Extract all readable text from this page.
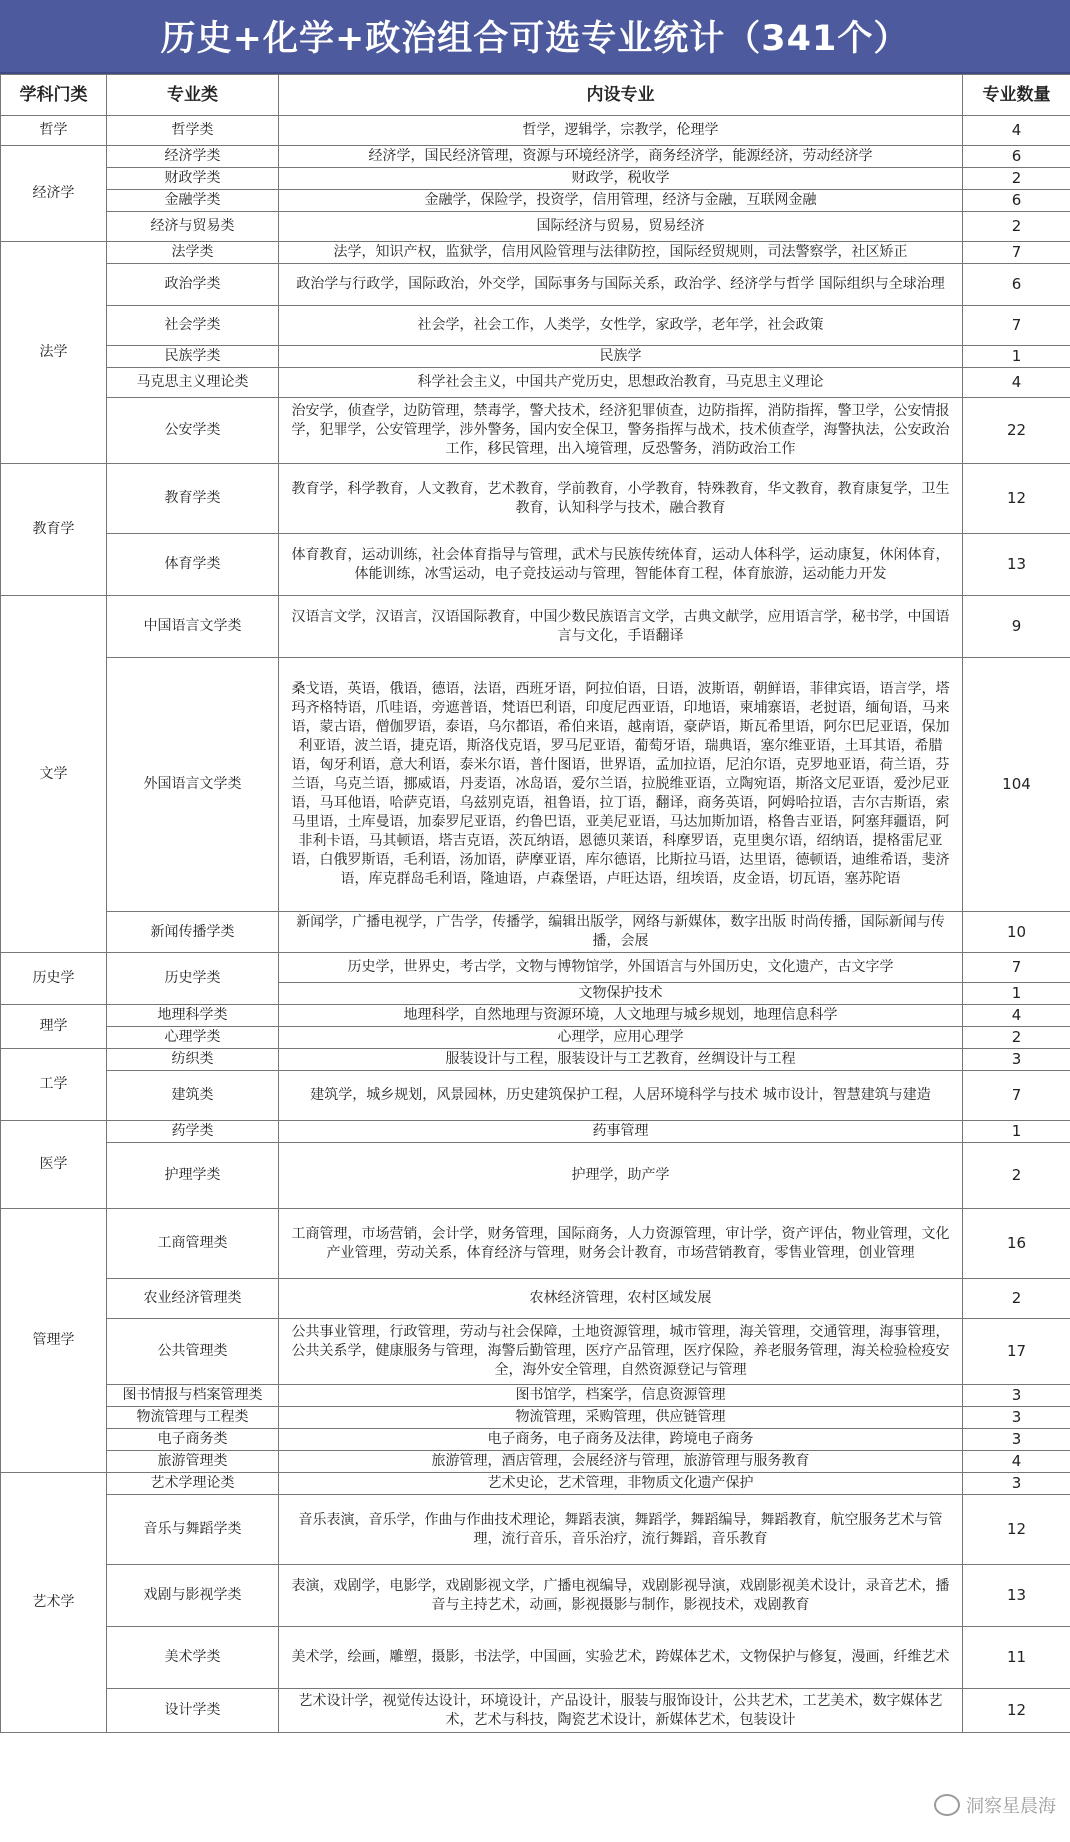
历史+化学+政治组合可选专业统计（341个）
学科门类	专业类	内设专业	专业数量
哲学	哲学类	哲学，逻辑学，宗教学，伦理学	4
经济学	经济学类	经济学，国民经济管理，资源与环境经济学，商务经济学，能源经济，劳动经济学	6
	财政学类	财政学，税收学	2
	金融学类	金融学，保险学，投资学，信用管理，经济与金融，互联网金融	6
	经济与贸易类	国际经济与贸易，贸易经济	2
法学	法学类	法学，知识产权，监狱学，信用风险管理与法律防控，国际经贸规则，司法警察学，社区矫正	7
	政治学类	政治学与行政学，国际政治，外交学，国际事务与国际关系，政治学、经济学与哲学 国际组织与全球治理	6
	社会学类	社会学，社会工作，人类学，女性学，家政学，老年学，社会政策	7
	民族学类	民族学	1
	马克思主义理论类	科学社会主义，中国共产党历史，思想政治教育，马克思主义理论	4
	公安学类	治安学，侦查学，边防管理，禁毒学，警犬技术，经济犯罪侦查，边防指挥，消防指挥，警卫学，公安情报学，犯罪学，公安管理学，涉外警务，国内安全保卫，警务指挥与战术，技术侦查学，海警执法，公安政治工作，移民管理，出入境管理，反恐警务，消防政治工作	22
教育学	教育学类	教育学，科学教育，人文教育，艺术教育，学前教育，小学教育，特殊教育，华文教育，教育康复学，卫生教育，认知科学与技术，融合教育	12
	体育学类	体育教育，运动训练，社会体育指导与管理，武术与民族传统体育，运动人体科学，运动康复，休闲体育，体能训练，冰雪运动，电子竞技运动与管理，智能体育工程，体育旅游，运动能力开发	13
文学	中国语言文学类	汉语言文学，汉语言，汉语国际教育，中国少数民族语言文学，古典文献学，应用语言学，秘书学，中国语言与文化，手语翻译	9
	外国语言文学类	桑戈语，英语，俄语，德语，法语，西班牙语，阿拉伯语，日语，波斯语，朝鲜语，菲律宾语，语言学，塔玛齐格特语，爪哇语，旁遮普语，梵语巴利语，印度尼西亚语，印地语，柬埔寨语，老挝语，缅甸语，马来语，蒙古语，僧伽罗语，泰语，乌尔都语，希伯来语，越南语，豪萨语，斯瓦希里语，阿尔巴尼亚语，保加利亚语，波兰语，捷克语，斯洛伐克语，罗马尼亚语，葡萄牙语，瑞典语，塞尔维亚语，土耳其语，希腊语，匈牙利语，意大利语，泰米尔语，普什图语，世界语，孟加拉语，尼泊尔语，克罗地亚语，荷兰语，芬兰语，乌克兰语，挪威语，丹麦语，冰岛语，爱尔兰语，拉脱维亚语，立陶宛语，斯洛文尼亚语，爱沙尼亚语，马耳他语，哈萨克语，乌兹别克语，祖鲁语，拉丁语，翻译，商务英语，阿姆哈拉语，吉尔吉斯语，索马里语，土库曼语，加泰罗尼亚语，约鲁巴语，亚美尼亚语，马达加斯加语，格鲁吉亚语，阿塞拜疆语，阿非利卡语，马其顿语，塔吉克语，茨瓦纳语，恩德贝莱语，科摩罗语，克里奥尔语，绍纳语，提格雷尼亚语，白俄罗斯语，毛利语，汤加语，萨摩亚语，库尔德语，比斯拉马语，达里语，德顿语，迪维希语，斐济语，库克群岛毛利语，隆迪语，卢森堡语，卢旺达语，纽埃语，皮金语，切瓦语，塞苏陀语	104
	新闻传播学类	新闻学，广播电视学，广告学，传播学，编辑出版学，网络与新媒体，数字出版 时尚传播，国际新闻与传播，会展	10
历史学	历史学类	历史学，世界史，考古学，文物与博物馆学，外国语言与外国历史，文化遗产，古文字学	7
		文物保护技术	1
理学	地理科学类	地理科学，自然地理与资源环境，人文地理与城乡规划，地理信息科学	4
	心理学类	心理学，应用心理学	2
工学	纺织类	服装设计与工程，服装设计与工艺教育，丝绸设计与工程	3
	建筑类	建筑学，城乡规划，风景园林，历史建筑保护工程，人居环境科学与技术 城市设计，智慧建筑与建造	7
医学	药学类	药事管理	1
	护理学类	护理学，助产学	2
管理学	工商管理类	工商管理，市场营销，会计学，财务管理，国际商务，人力资源管理，审计学，资产评估，物业管理，文化产业管理，劳动关系，体育经济与管理，财务会计教育，市场营销教育，零售业管理，创业管理	16
	农业经济管理类	农林经济管理，农村区域发展	2
	公共管理类	公共事业管理，行政管理，劳动与社会保障，土地资源管理，城市管理，海关管理，交通管理，海事管理，公共关系学，健康服务与管理，海警后勤管理，医疗产品管理，医疗保险，养老服务管理，海关检验检疫安全，海外安全管理，自然资源登记与管理	17
	图书情报与档案管理类	图书馆学，档案学，信息资源管理	3
	物流管理与工程类	物流管理，采购管理，供应链管理	3
	电子商务类	电子商务，电子商务及法律，跨境电子商务	3
	旅游管理类	旅游管理，酒店管理，会展经济与管理，旅游管理与服务教育	4
艺术学	艺术学理论类	艺术史论，艺术管理，非物质文化遗产保护	3
	音乐与舞蹈学类	音乐表演，音乐学，作曲与作曲技术理论，舞蹈表演，舞蹈学，舞蹈编导，舞蹈教育，航空服务艺术与管理，流行音乐，音乐治疗，流行舞蹈，音乐教育	12
	戏剧与影视学类	表演，戏剧学，电影学，戏剧影视文学，广播电视编导，戏剧影视导演，戏剧影视美术设计，录音艺术，播音与主持艺术，动画，影视摄影与制作，影视技术，戏剧教育	13
	美术学类	美术学，绘画，雕塑，摄影，书法学，中国画，实验艺术，跨媒体艺术，文物保护与修复，漫画，纤维艺术	11
	设计学类	艺术设计学，视觉传达设计，环境设计，产品设计，服装与服饰设计，公共艺术，工艺美术，数字媒体艺术，艺术与科技，陶瓷艺术设计，新媒体艺术，包装设计	12
洞察星晨海
